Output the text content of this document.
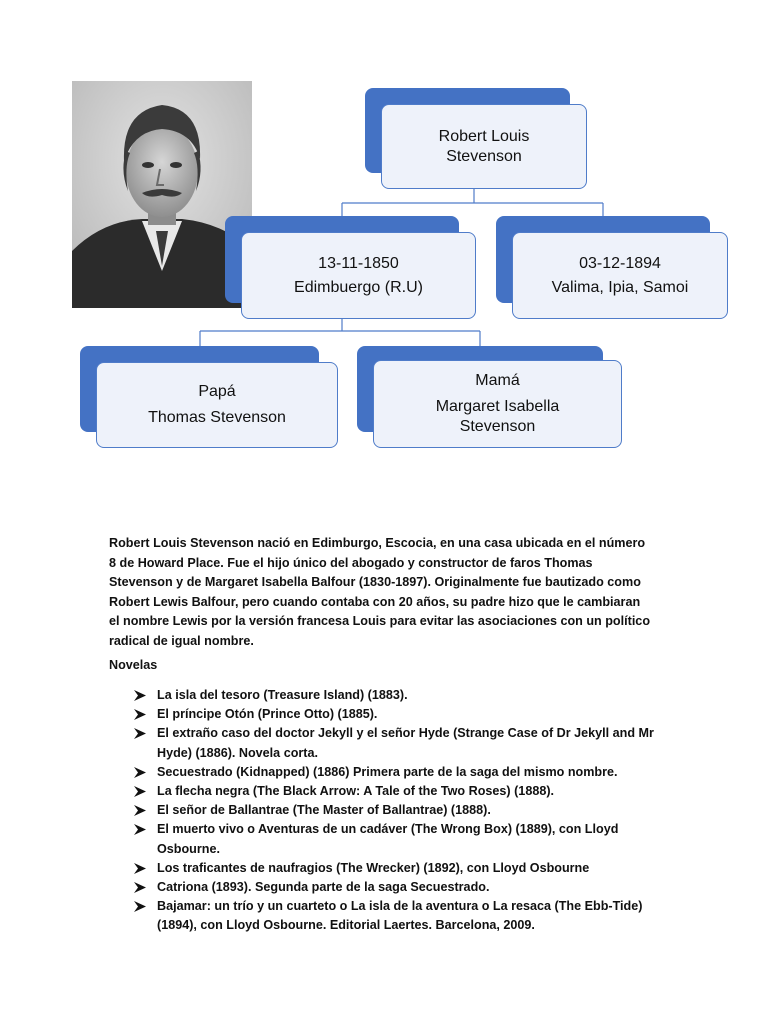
Robert Louis
Stevenson
13-11-1850
Edimbuergo (R.U)
03-12-1894
Valima, Ipia, Samoi
Papá
Thomas Stevenson
Mamá
Margaret Isabella
Stevenson

Robert Louis Stevenson nació en Edimburgo, Escocia, en una casa ubicada en el número 8 de Howard Place. Fue el hijo único del abogado y constructor de faros Thomas Stevenson y de Margaret Isabella Balfour (1830-1897). Originalmente fue bautizado como Robert Lewis Balfour, pero cuando contaba con 20 años, su padre hizo que le cambiaran el nombre Lewis por la versión francesa Louis para evitar las asociaciones con un político radical de igual nombre.

Novelas
La isla del tesoro (Treasure Island) (1883).
El príncipe Otón (Prince Otto) (1885).
El extraño caso del doctor Jekyll y el señor Hyde (Strange Case of Dr Jekyll and Mr Hyde) (1886). Novela corta.
Secuestrado (Kidnapped) (1886) Primera parte de la saga del mismo nombre.
La flecha negra (The Black Arrow: A Tale of the Two Roses) (1888).
El señor de Ballantrae (The Master of Ballantrae) (1888).
El muerto vivo o Aventuras de un cadáver (The Wrong Box) (1889), con Lloyd Osbourne.
Los traficantes de naufragios (The Wrecker) (1892), con Lloyd Osbourne
Catriona (1893). Segunda parte de la saga Secuestrado.
Bajamar: un trío y un cuarteto o La isla de la aventura o La resaca (The Ebb-Tide) (1894), con Lloyd Osbourne. Editorial Laertes. Barcelona, 2009.
